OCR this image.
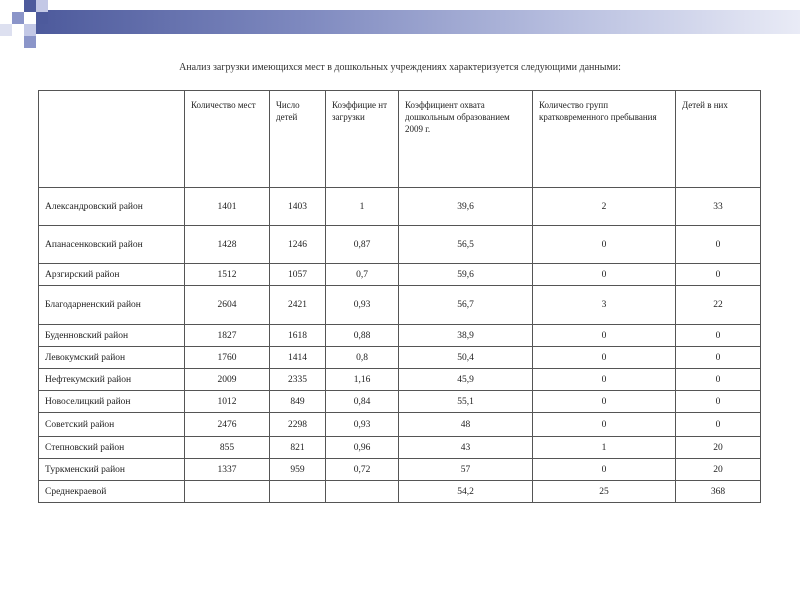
Анализ загрузки имеющихся мест в дошкольных учреждениях характеризуется следующими данными:
	Количество мест	Число детей	Коэффицие нт загрузки	Коэффициент охвата дошкольным образованием 2009 г.	Количество групп кратковременного пребывания	Детей в них
Александровский район	1401	1403	1	39,6	2	33
Апанасенковский район	1428	1246	0,87	56,5	0	0
Арзгирский район	1512	1057	0,7	59,6	0	0
Благодарненский район	2604	2421	0,93	56,7	3	22
Буденновский район	1827	1618	0,88	38,9	0	0
Левокумский район	1760	1414	0,8	50,4	0	0
Нефтекумский район	2009	2335	1,16	45,9	0	0
Новоселицкий район	1012	849	0,84	55,1	0	0
Советский район	2476	2298	0,93	48	0	0
Степновский район	855	821	0,96	43	1	20
Туркменский район	1337	959	0,72	57	0	20
Среднекраевой				54,2	25	368
